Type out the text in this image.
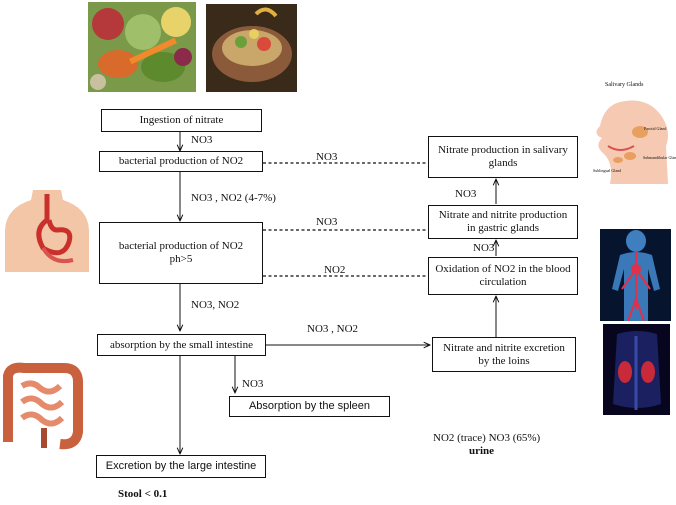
Ingestion of nitrate
bacterial production of NO2
bacterial production of NO2
ph>5
absorption by the small intestine
Absorption by the spleen
Excretion by the large intestine
Nitrate production in salivary glands
Nitrate and nitrite production in gastric glands
Oxidation of NO2 in the blood circulation
Nitrate and nitrite excretion by the loins
NO3
NO3 , NO2 (4-7%)
NO3, NO2
NO3
NO3
NO3
NO2
NO3 , NO2
NO3
NO3
NO2 (trace) NO3 (65%)
urine
Stool < 0.1
Salivary Glands
Parotid Gland
Submandibular Glan
Sublingual Gland
